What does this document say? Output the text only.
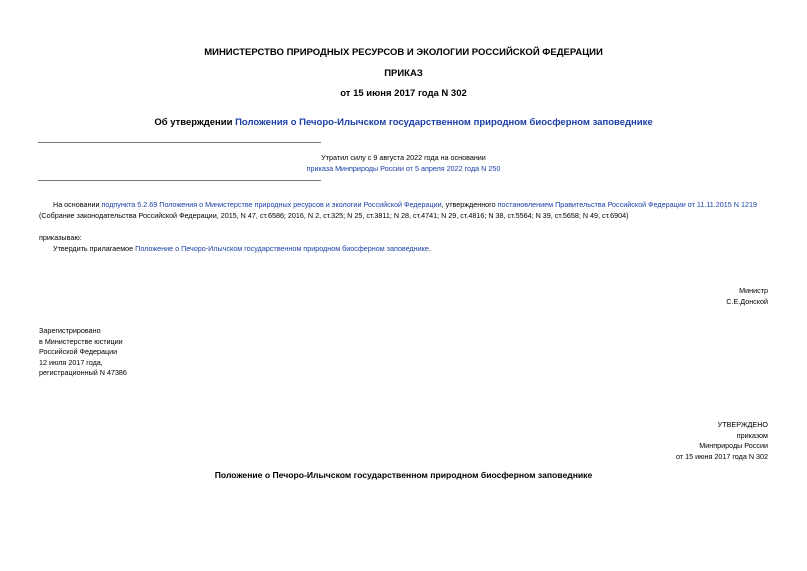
МИНИСТЕРСТВО ПРИРОДНЫХ РЕСУРСОВ И ЭКОЛОГИИ РОССИЙСКОЙ ФЕДЕРАЦИИ
ПРИКАЗ
от 15 июня 2017 года N 302
Об утверждении Положения о Печоро-Илычском государственном природном биосферном заповеднике
Утратил силу с 9 августа 2022 года на основании
приказа Минприроды России от 5 апреля 2022 года N 250
На основании подпункта 5.2.69 Положения о Министерстве природных ресурсов и экологии Российской Федерации, утвержденного постановлением Правительства Российской Федерации от 11.11.2015 N 1219
(Собрание законодательства Российской Федерации, 2015, N 47, ст.6586; 2016, N 2, ст.325; N 25, ст.3811; N 28, ст.4741; N 29, ст.4816; N 38, ст.5564; N 39, ст.5658; N 49, ст.6904)
приказываю:
Утвердить прилагаемое Положение о Печоро-Илычском государственном природном биосферном заповеднике.
Министр
С.Е.Донской
Зарегистрировано
в Министерстве юстиции
Российской Федерации
12 июля 2017 года,
регистрационный N 47386
УТВЕРЖДЕНО
приказом
Минприроды России
от 15 июня 2017 года N 302
Положение о Печоро-Илычском государственном природном биосферном заповеднике
